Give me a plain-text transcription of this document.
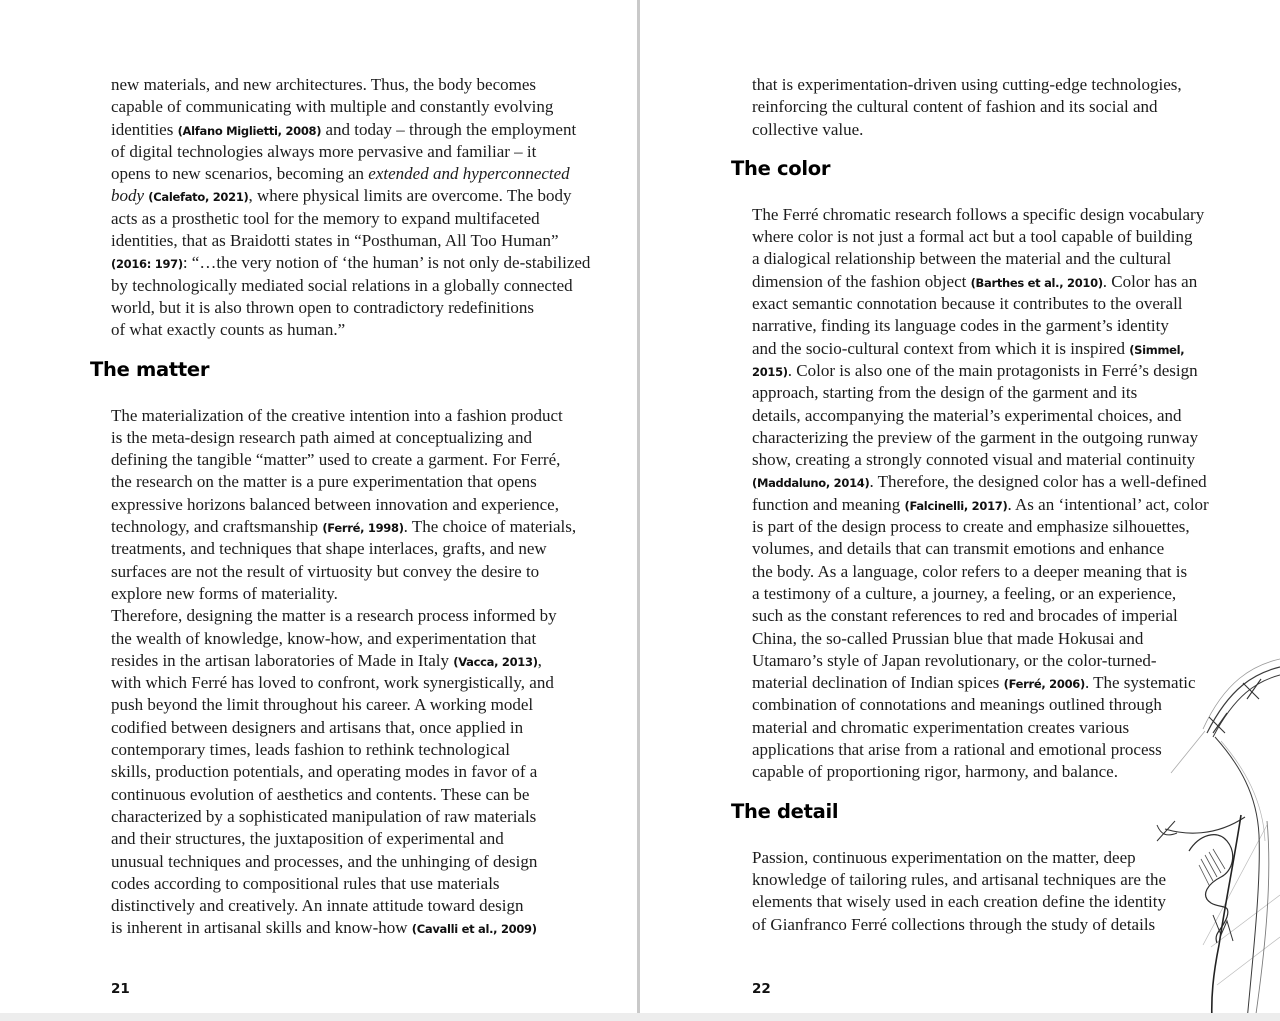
new materials, and new architectures. Thus, the body becomes
capable of communicating with multiple and constantly evolving
identities (Alfano Miglietti, 2008) and today – through the employment
of digital technologies always more pervasive and familiar – it
opens to new scenarios, becoming an extended and hyperconnected
body (Calefato, 2021), where physical limits are overcome. The body
acts as a prosthetic tool for the memory to expand multifaceted
identities, that as Braidotti states in “Posthuman, All Too Human”
(2016: 197): “…the very notion of ‘the human’ is not only de-stabilized
by technologically mediated social relations in a globally connected
world, but it is also thrown open to contradictory redefinitions
of what exactly counts as human.”
The matter
The materialization of the creative intention into a fashion product
is the meta-design research path aimed at conceptualizing and
defining the tangible “matter” used to create a garment. For Ferré,
the research on the matter is a pure experimentation that opens
expressive horizons balanced between innovation and experience,
technology, and craftsmanship (Ferré, 1998). The choice of materials,
treatments, and techniques that shape interlaces, grafts, and new
surfaces are not the result of virtuosity but convey the desire to
explore new forms of materiality.
Therefore, designing the matter is a research process informed by
the wealth of knowledge, know-how, and experimentation that
resides in the artisan laboratories of Made in Italy (Vacca, 2013),
with which Ferré has loved to confront, work synergistically, and
push beyond the limit throughout his career. A working model
codified between designers and artisans that, once applied in
contemporary times, leads fashion to rethink technological
skills, production potentials, and operating modes in favor of a
continuous evolution of aesthetics and contents. These can be
characterized by a sophisticated manipulation of raw materials
and their structures, the juxtaposition of experimental and
unusual techniques and processes, and the unhinging of design
codes according to compositional rules that use materials
distinctively and creatively. An innate attitude toward design
is inherent in artisanal skills and know-how (Cavalli et al., 2009)
21
that is experimentation-driven using cutting-edge technologies,
reinforcing the cultural content of fashion and its social and
collective value.
The color
The Ferré chromatic research follows a specific design vocabulary
where color is not just a formal act but a tool capable of building
a dialogical relationship between the material and the cultural
dimension of the fashion object (Barthes et al., 2010). Color has an
exact semantic connotation because it contributes to the overall
narrative, finding its language codes in the garment’s identity
and the socio-cultural context from which it is inspired (Simmel,
2015). Color is also one of the main protagonists in Ferré’s design
approach, starting from the design of the garment and its
details, accompanying the material’s experimental choices, and
characterizing the preview of the garment in the outgoing runway
show, creating a strongly connoted visual and material continuity
(Maddaluno, 2014). Therefore, the designed color has a well-defined
function and meaning (Falcinelli, 2017). As an ‘intentional’ act, color
is part of the design process to create and emphasize silhouettes,
volumes, and details that can transmit emotions and enhance
the body. As a language, color refers to a deeper meaning that is
a testimony of a culture, a journey, a feeling, or an experience,
such as the constant references to red and brocades of imperial
China, the so-called Prussian blue that made Hokusai and
Utamaro’s style of Japan revolutionary, or the color-turned-
material declination of Indian spices (Ferré, 2006). The systematic
combination of connotations and meanings outlined through
material and chromatic experimentation creates various
applications that arise from a rational and emotional process
capable of proportioning rigor, harmony, and balance.
The detail
Passion, continuous experimentation on the matter, deep
knowledge of tailoring rules, and artisanal techniques are the
elements that wisely used in each creation define the identity
of Gianfranco Ferré collections through the study of details
22
